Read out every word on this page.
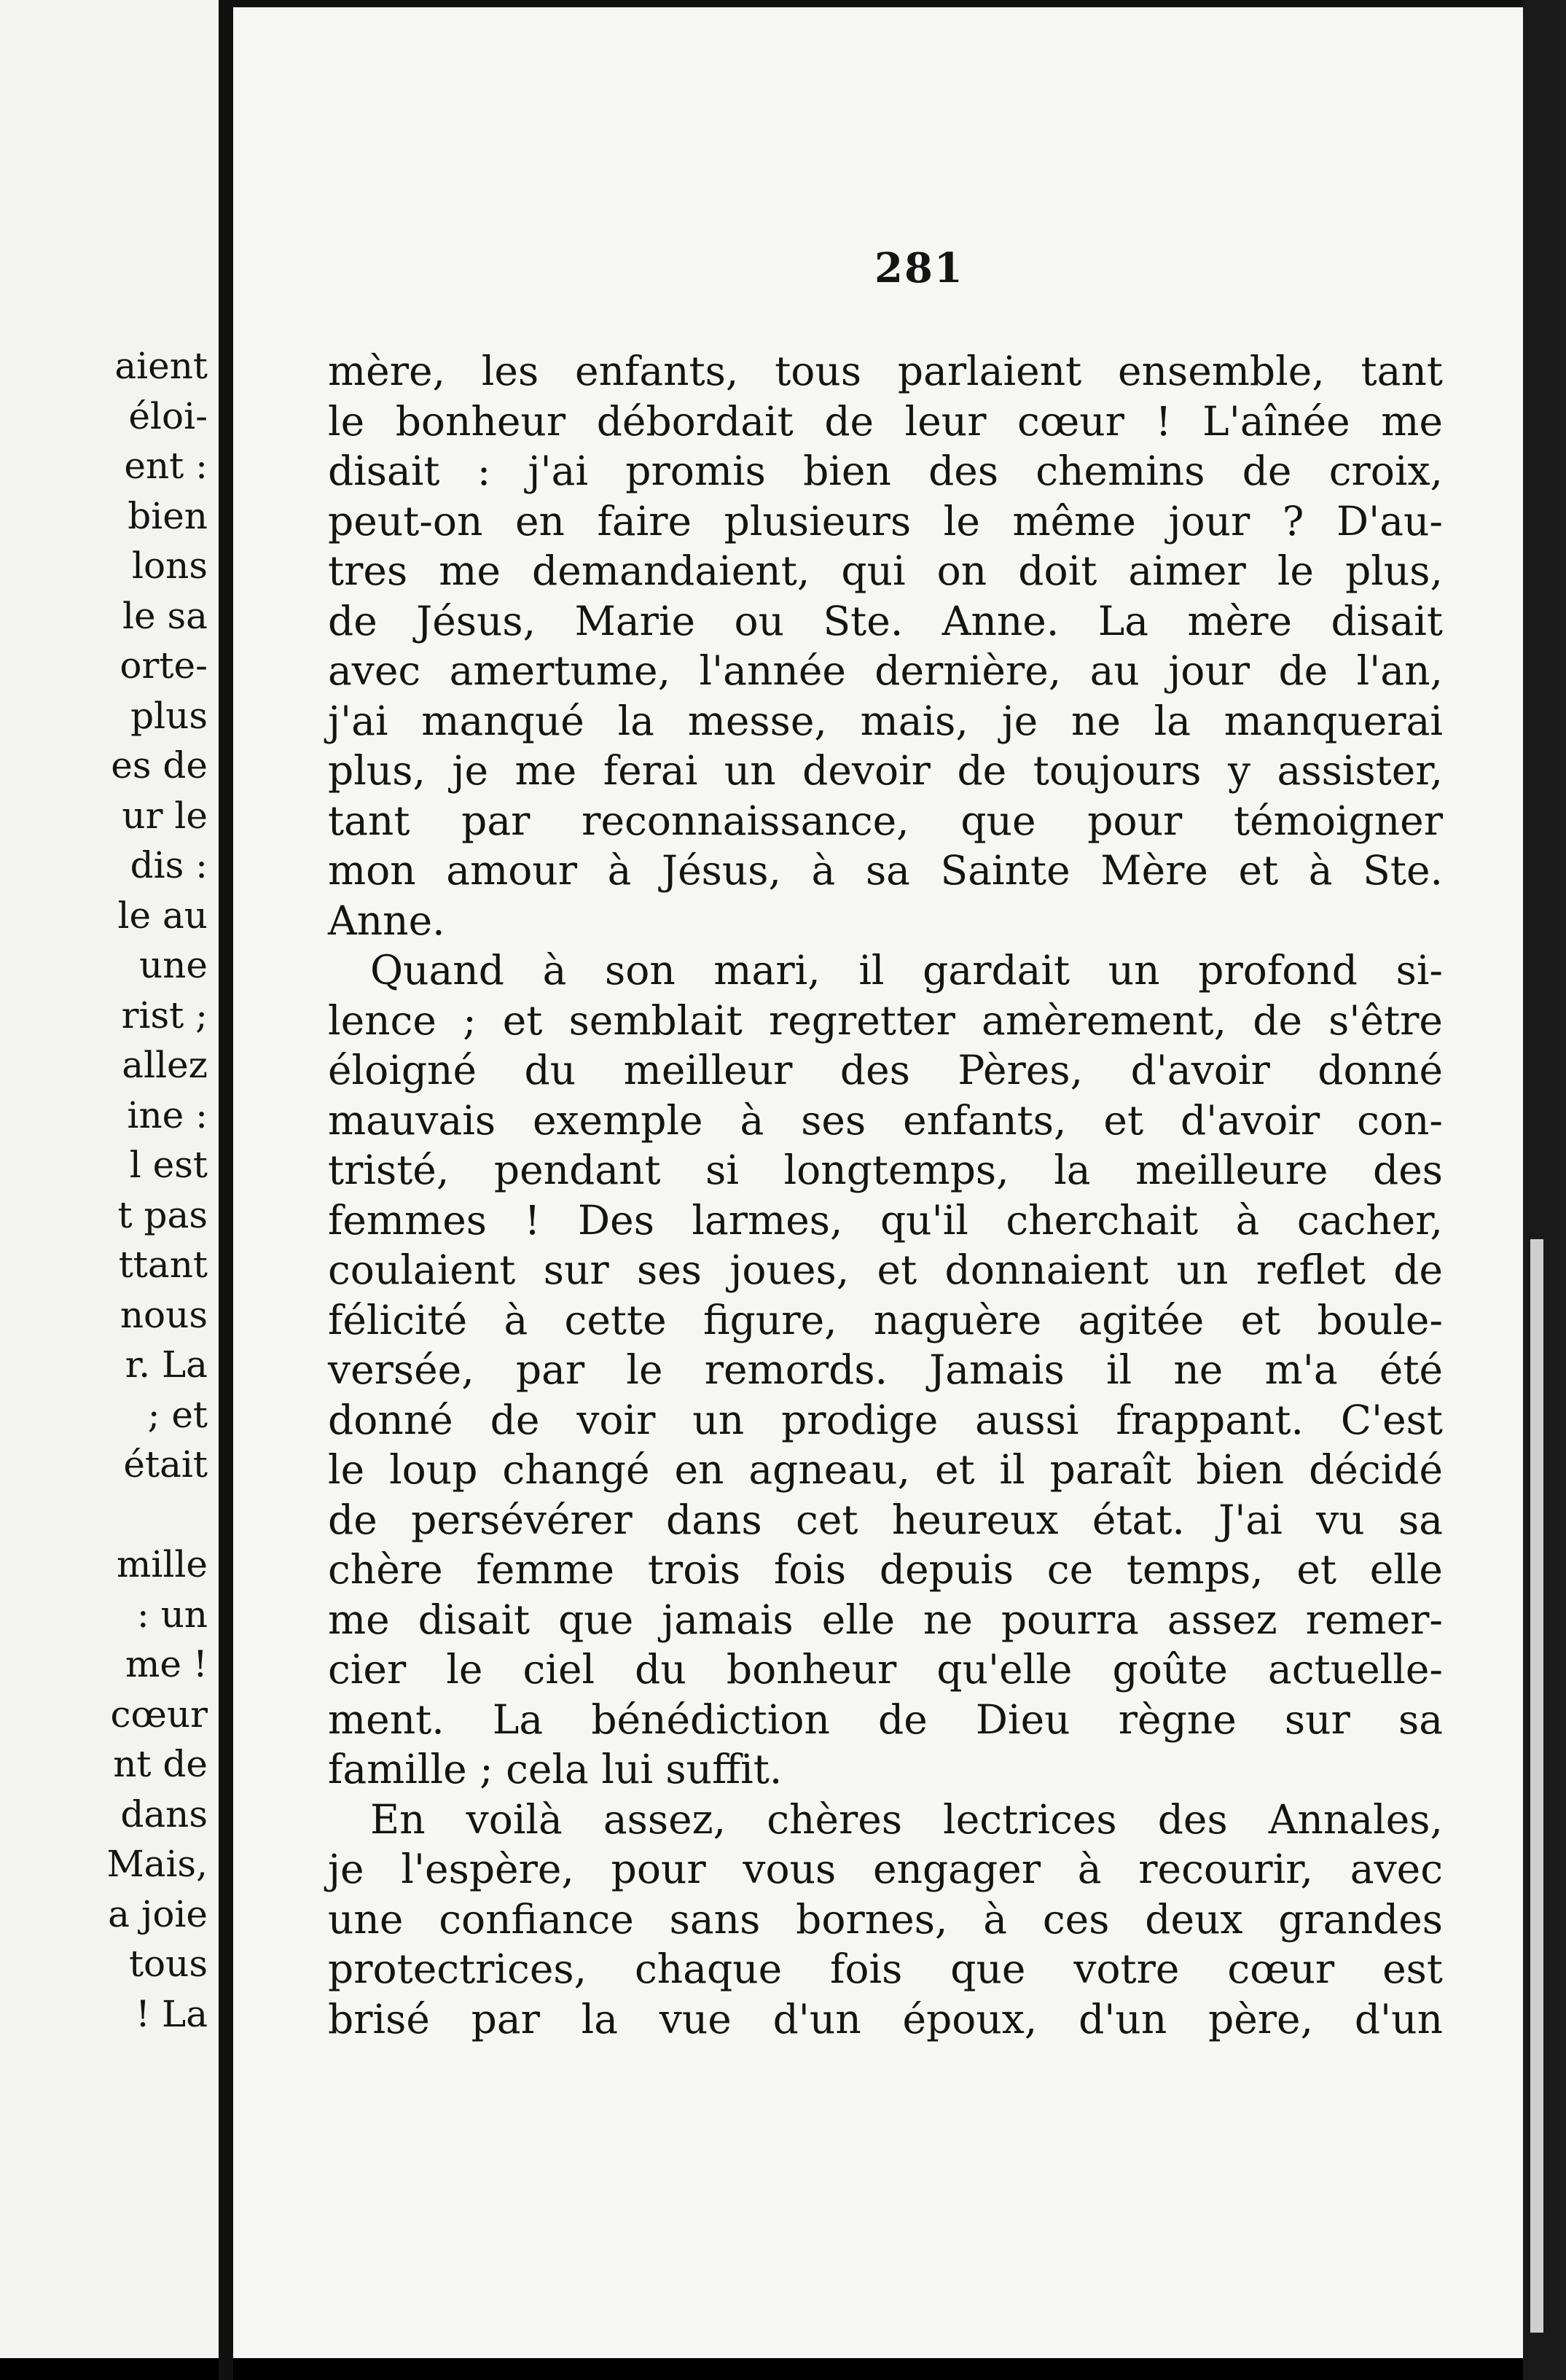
aient
éloi-
ent :
bien
lons
le sa
orte-
plus
es de
ur le
dis :
le au
une
rist ;
allez
ine :
l est
t pas
ttant
nous
r. La
; et
était
mille
: un
me !
cœur
nt de
dans
Mais,
a joie
tous
! La
281

mère, les enfants, tous parlaient ensemble, tant

le bonheur débordait de leur cœur ! L'aînée me

disait : j'ai promis bien des chemins de croix,

peut-on en faire plusieurs le même jour ? D'au-

tres me demandaient, qui on doit aimer le plus,

de Jésus, Marie ou Ste. Anne. La mère disait

avec amertume, l'année dernière, au jour de l'an,

j'ai manqué la messe, mais, je ne la manquerai

plus, je me ferai un devoir de toujours y assister,

tant par reconnaissance, que pour témoigner

mon amour à Jésus, à sa Sainte Mère et à Ste.

Anne.

Quand à son mari, il gardait un profond si-

lence ; et semblait regretter amèrement, de s'être

éloigné du meilleur des Pères, d'avoir donné

mauvais exemple à ses enfants, et d'avoir con-

tristé, pendant si longtemps, la meilleure des

femmes ! Des larmes, qu'il cherchait à cacher,

coulaient sur ses joues, et donnaient un reflet de

félicité à cette figure, naguère agitée et boule-

versée, par le remords. Jamais il ne m'a été

donné de voir un prodige aussi frappant. C'est

le loup changé en agneau, et il paraît bien décidé

de persévérer dans cet heureux état. J'ai vu sa

chère femme trois fois depuis ce temps, et elle

me disait que jamais elle ne pourra assez remer-

cier le ciel du bonheur qu'elle goûte actuelle-

ment. La bénédiction de Dieu règne sur sa

famille ; cela lui suffit.

En voilà assez, chères lectrices des Annales,

je l'espère, pour vous engager à recourir, avec

une confiance sans bornes, à ces deux grandes

protectrices, chaque fois que votre cœur est

brisé par la vue d'un époux, d'un père, d'un
